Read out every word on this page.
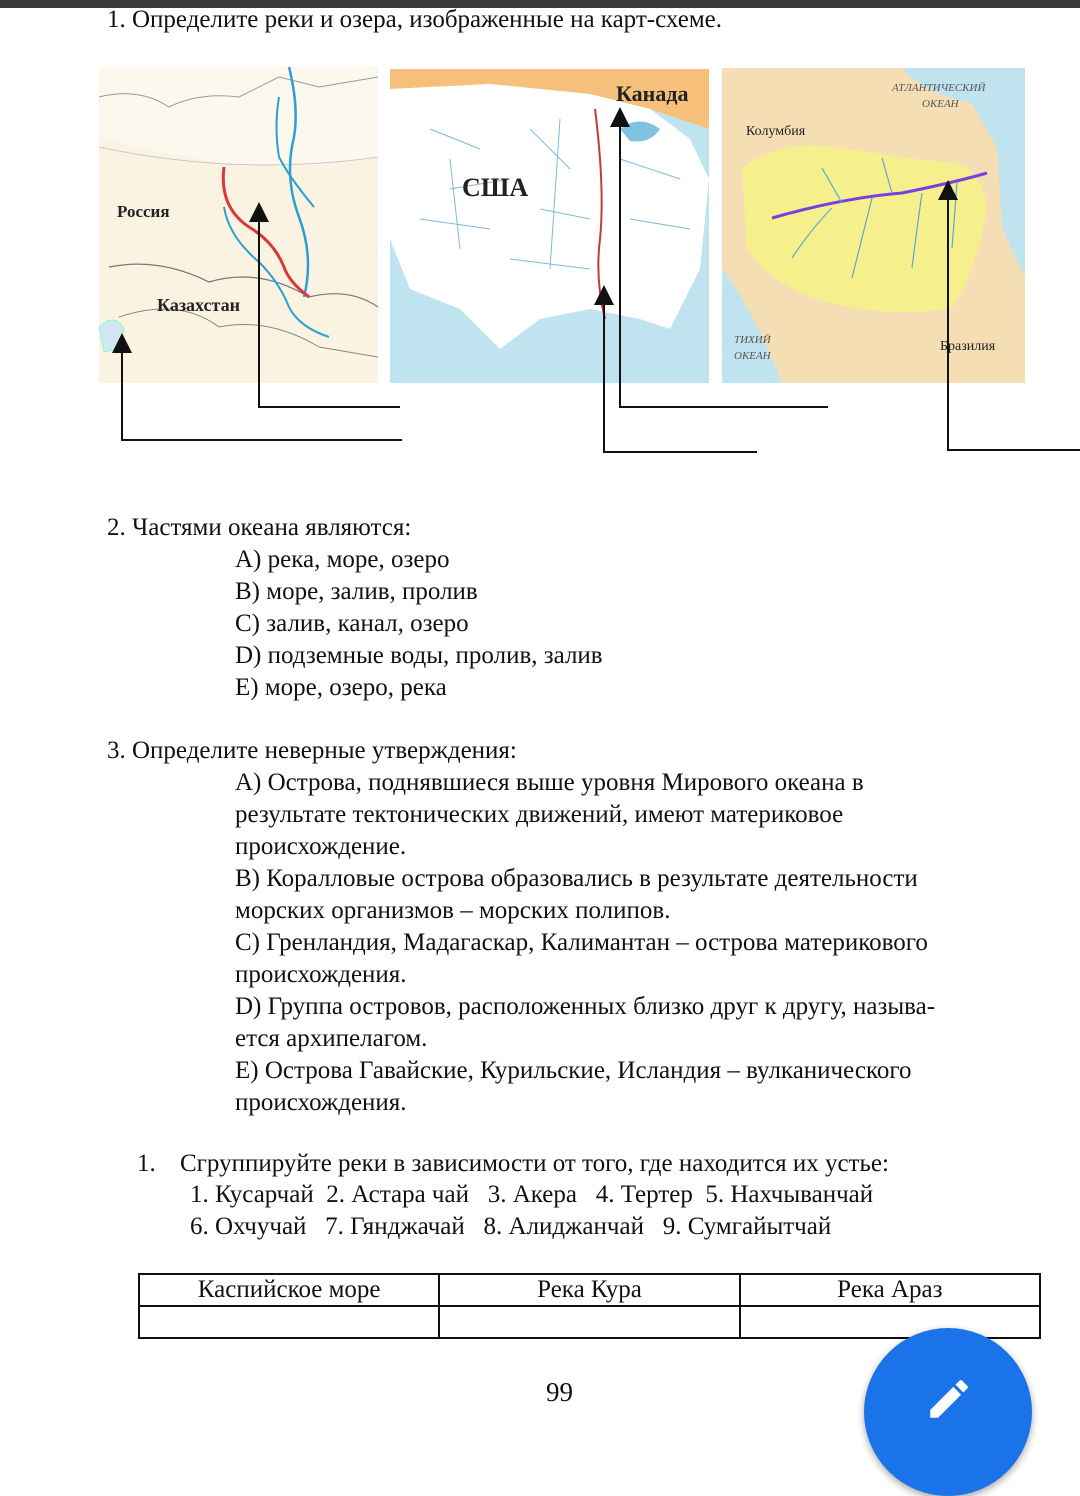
1. Определите реки и озера, изображенные на карт-схеме.
Россия
Казахстан
США
Канада
Колумбия
АТЛАНТИЧЕСКИЙ
ОКЕАН
ТИХИЙ
ОКЕАН
Бразилия
2. Частями океана являются:
A) река, море, озеро
B) море, залив, пролив
C) залив, канал, озеро
D) подземные воды, пролив, залив
E) море, озеро, река
3. Определите неверные утверждения:
A) Острова, поднявшиеся выше уровня Мирового океана в
результате тектонических движений, имеют материковое
происхождение.
B) Коралловые острова образовались в результате деятельности
морских организмов – морских полипов.
C) Гренландия, Мадагаскар, Калимантан – острова материкового
происхождения.
D) Группа островов, расположенных близко друг к другу, называ-
ется архипелагом.
E) Острова Гавайские, Курильские, Исландия – вулканического
происхождения.
1. Сгруппируйте реки в зависимости от того, где находится их устье:
1. Кусарчай  2. Астара чай   3. Акера   4. Тертер  5. Нахчыванчай
6. Охчучай   7. Гянджачай   8. Алиджанчай   9. Сумгайытчай
Каспийское море	Река Кура	Река Араз

99
